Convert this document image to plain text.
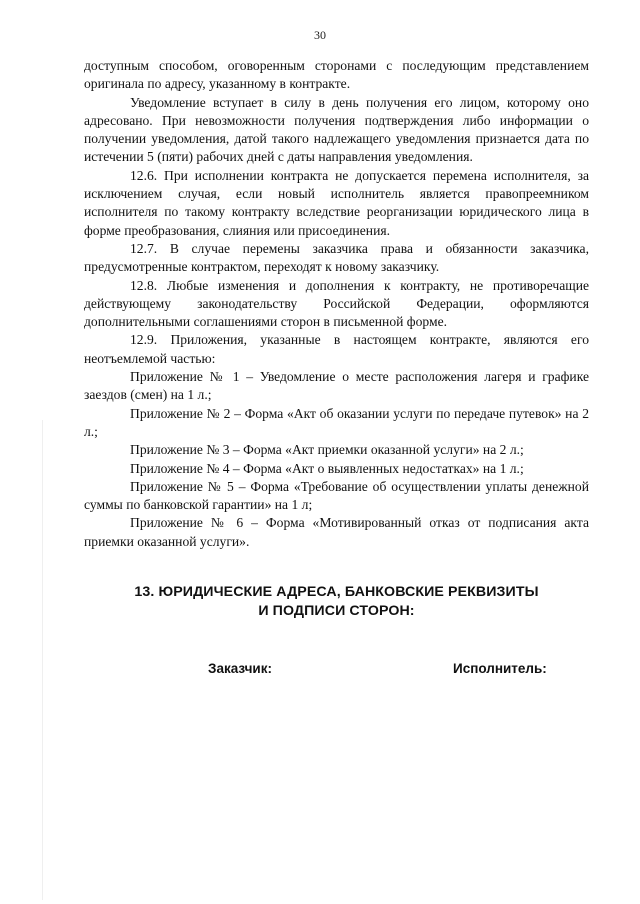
30

доступным способом, оговоренным сторонами с последующим представлением оригинала по адресу, указанному в контракте.

Уведомление вступает в силу в день получения его лицом, которому оно адресовано. При невозможности получения подтверждения либо информации о получении уведомления, датой такого надлежащего уведомления признается дата по истечении 5 (пяти) рабочих дней с даты направления уведомления.

12.6. При исполнении контракта не допускается перемена исполнителя, за исключением случая, если новый исполнитель является правопреемником исполнителя по такому контракту вследствие реорганизации юридического лица в форме преобразования, слияния или присоединения.

12.7. В случае перемены заказчика права и обязанности заказчика, предусмотренные контрактом, переходят к новому заказчику.

12.8. Любые изменения и дополнения к контракту, не противоречащие действующему законодательству Российской Федерации, оформляются дополнительными соглашениями сторон в письменной форме.

12.9. Приложения, указанные в настоящем контракте, являются его неотъемлемой частью:

Приложение № 1 – Уведомление о месте расположения лагеря и графике заездов (смен) на 1 л.;

Приложение № 2 – Форма «Акт об оказании услуги по передаче путевок» на 2 л.;

Приложение № 3 – Форма «Акт приемки оказанной услуги» на 2 л.;

Приложение № 4 – Форма «Акт о выявленных недостатках» на 1 л.;

Приложение № 5 – Форма «Требование об осуществлении уплаты денежной суммы по банковской гарантии» на 1 л;

Приложение № 6 – Форма «Мотивированный отказ от подписания акта приемки оказанной услуги».

13. ЮРИДИЧЕСКИЕ АДРЕСА, БАНКОВСКИЕ РЕКВИЗИТЫ
И ПОДПИСИ СТОРОН:
Заказчик:	Исполнитель:
